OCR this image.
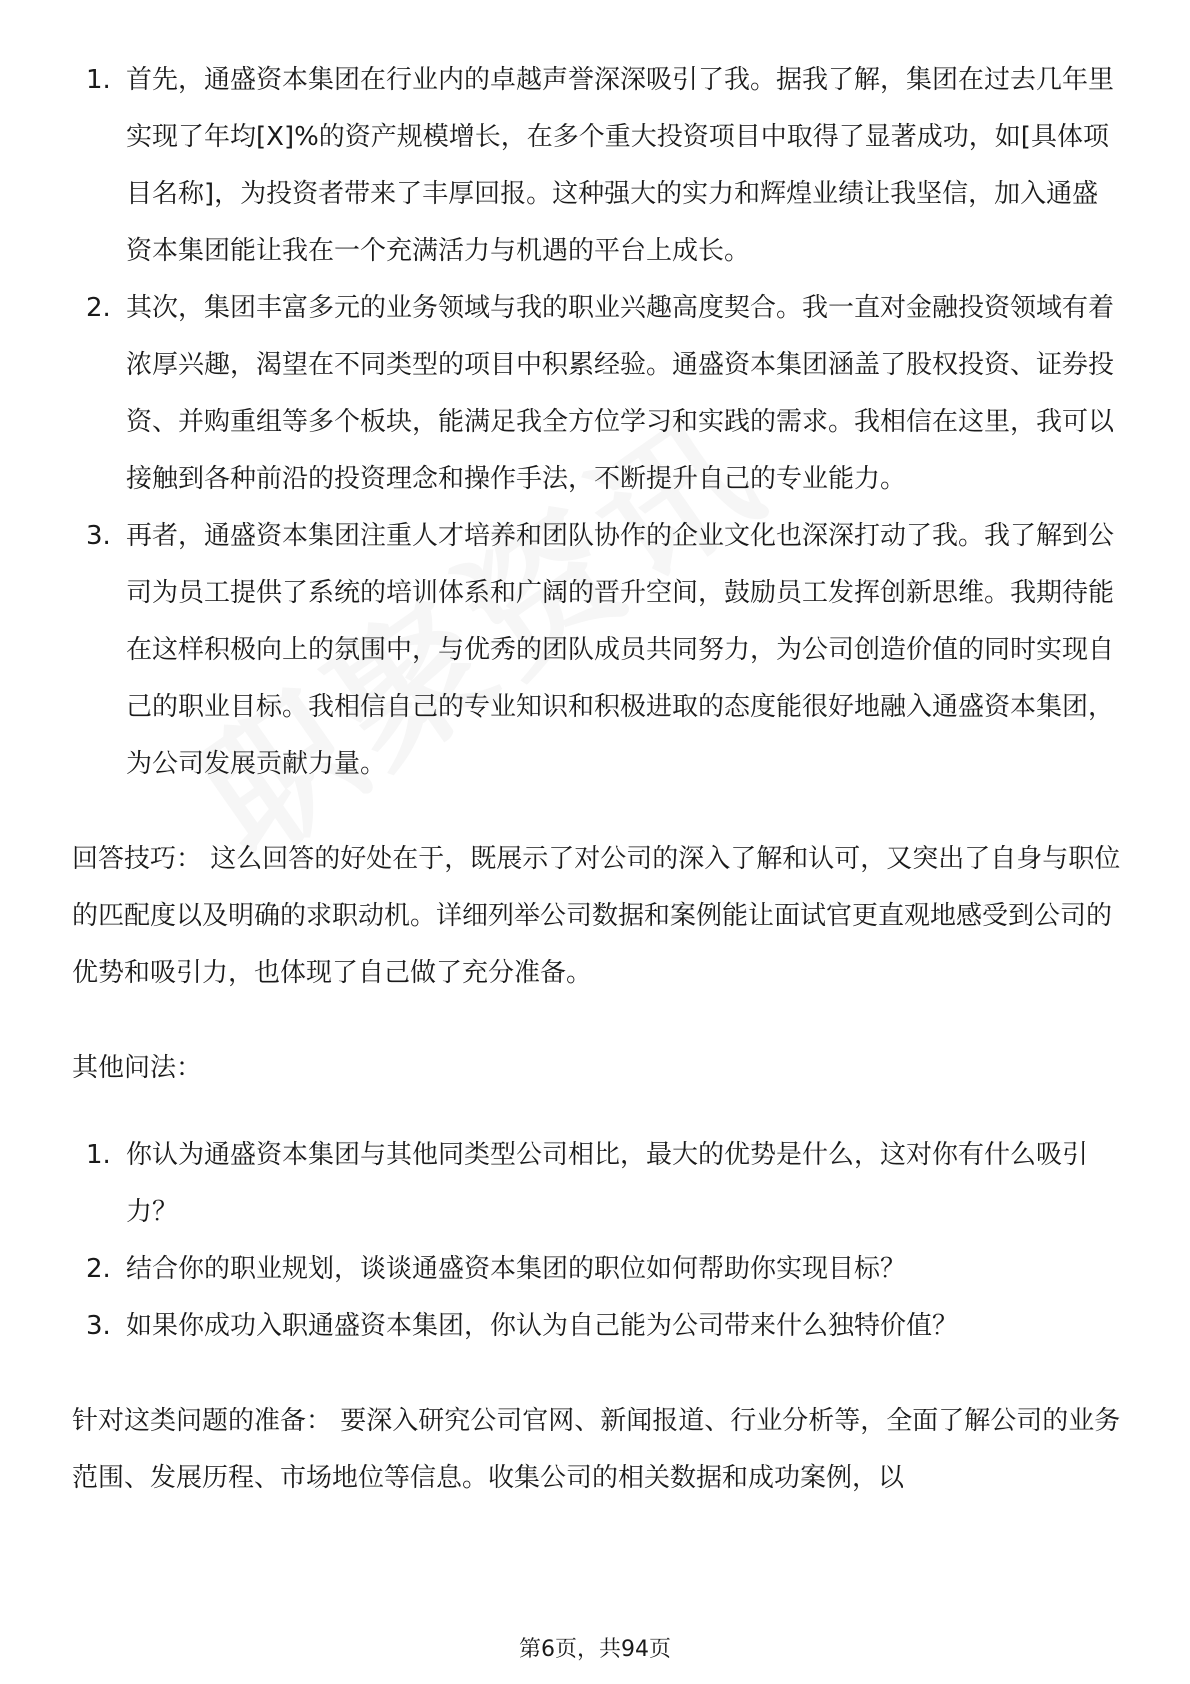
1. 首先，通盛资本集团在行业内的卓越声誉深深吸引了我。据我了解，集团在过去几年里实现了年均[X]%的资产规模增长，在多个重大投资项目中取得了显著成功，如[具体项目名称]，为投资者带来了丰厚回报。这种强大的实力和辉煌业绩让我坚信，加入通盛资本集团能让我在一个充满活力与机遇的平台上成长。
2. 其次，集团丰富多元的业务领域与我的职业兴趣高度契合。我一直对金融投资领域有着浓厚兴趣，渴望在不同类型的项目中积累经验。通盛资本集团涵盖了股权投资、证券投资、并购重组等多个板块，能满足我全方位学习和实践的需求。我相信在这里，我可以接触到各种前沿的投资理念和操作手法，不断提升自己的专业能力。
3. 再者，通盛资本集团注重人才培养和团队协作的企业文化也深深打动了我。我了解到公司为员工提供了系统的培训体系和广阔的晋升空间，鼓励员工发挥创新思维。我期待能在这样积极向上的氛围中，与优秀的团队成员共同努力，为公司创造价值的同时实现自己的职业目标。我相信自己的专业知识和积极进取的态度能很好地融入通盛资本集团，为公司发展贡献力量。

回答技巧： 这么回答的好处在于，既展示了对公司的深入了解和认可，又突出了自身与职位的匹配度以及明确的求职动机。详细列举公司数据和案例能让面试官更直观地感受到公司的优势和吸引力，也体现了自己做了充分准备。

其他问法：

1. 你认为通盛资本集团与其他同类型公司相比，最大的优势是什么，这对你有什么吸引力？
2. 结合你的职业规划，谈谈通盛资本集团的职位如何帮助你实现目标？
3. 如果你成功入职通盛资本集团，你认为自己能为公司带来什么独特价值？

针对这类问题的准备： 要深入研究公司官网、新闻报道、行业分析等，全面了解公司的业务范围、发展历程、市场地位等信息。收集公司的相关数据和成功案例，以

第6页，共94页
